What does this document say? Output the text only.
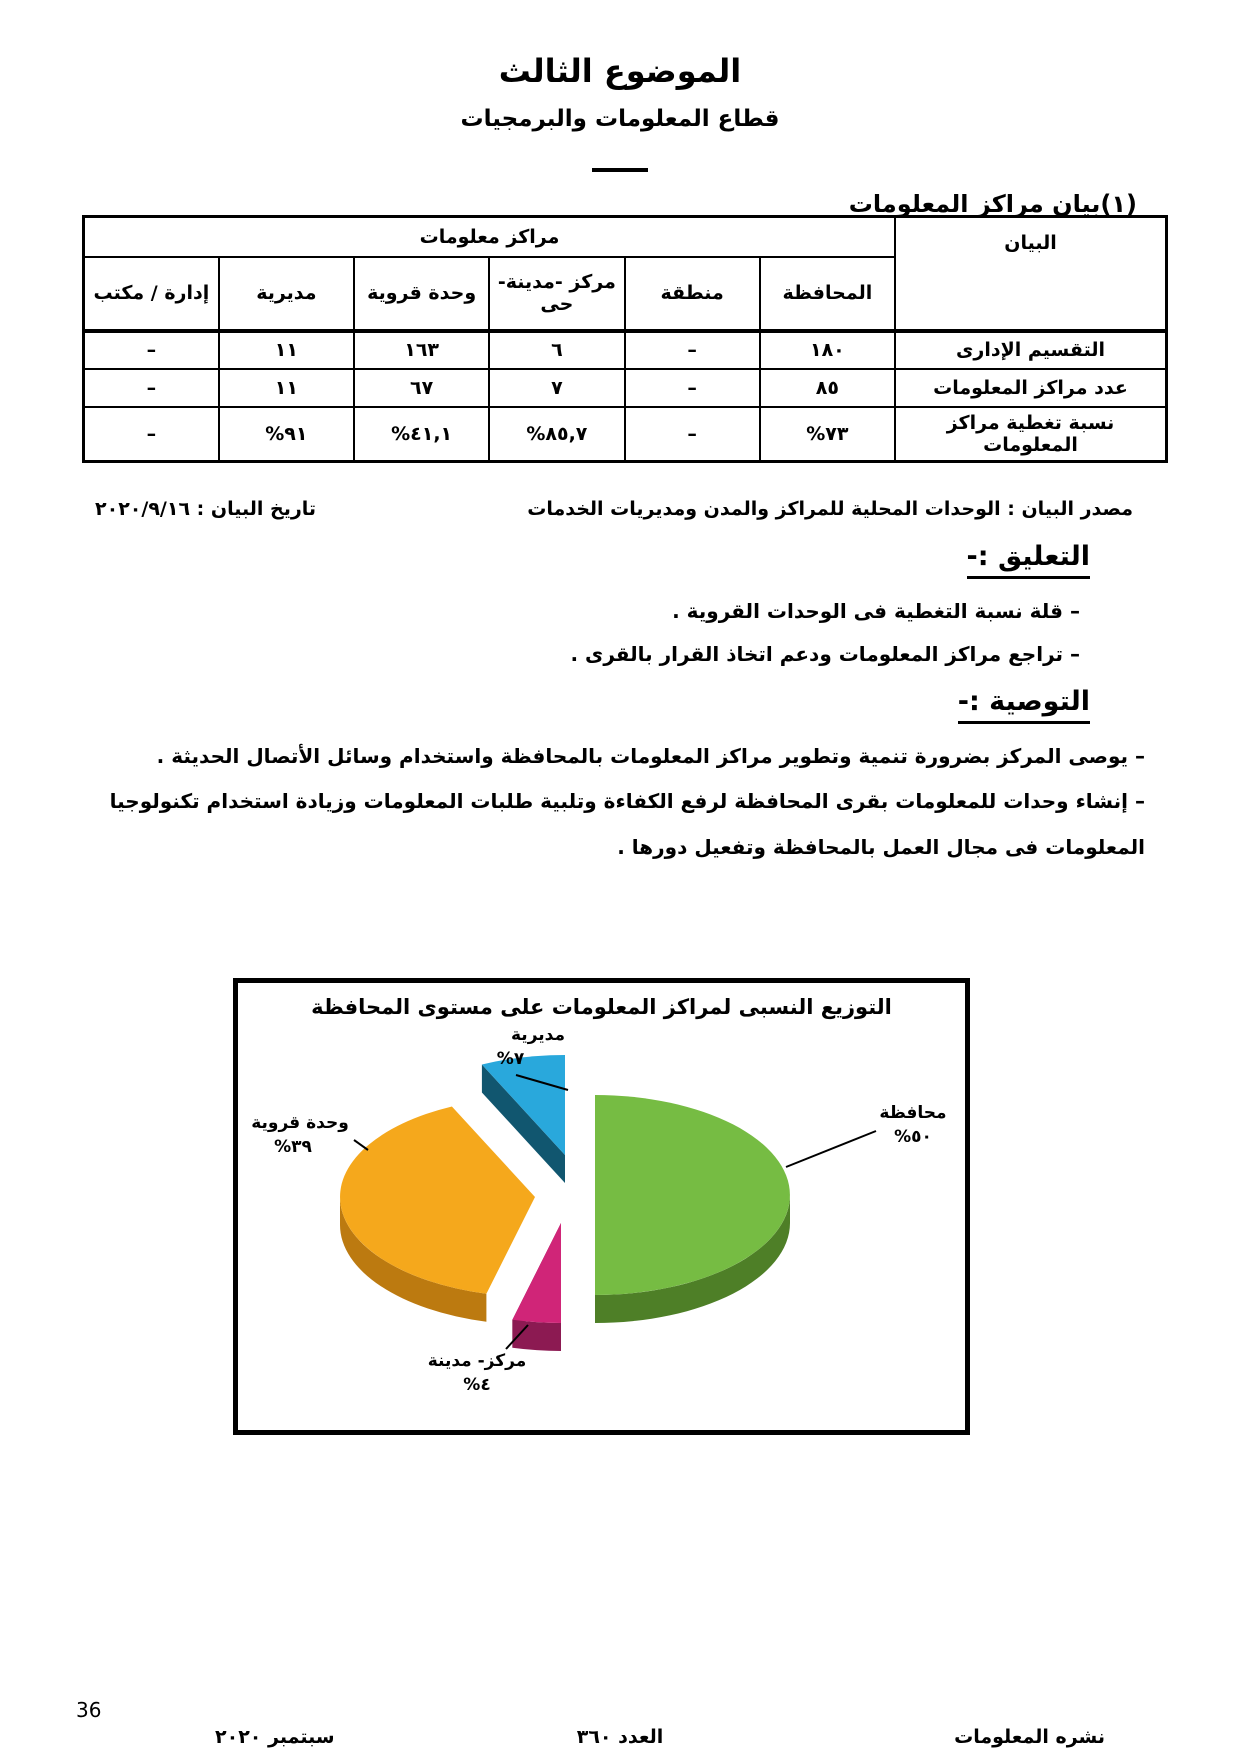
الموضوع الثالث
قطاع المعلومات والبرمجيات
(١)بيان مراكز المعلومات
البيان	مراكز معلومات					
	المحافظة	منطقة	مركز -مدينة- حى	وحدة قروية	مديرية	إدارة / مكتب
التقسيم الإدارى	١٨٠	–	٦	١٦٣	١١	–
عدد مراكز المعلومات	٨٥	–	٧	٦٧	١١	–
نسبة تغطية مراكز المعلومات	%٧٣	–	%٨٥,٧	%٤١,١	%٩١	–
مصدر البيان : الوحدات المحلية للمراكز والمدن ومديريات الخدمات
تاريخ البيان : ٢٠٢٠/٩/١٦
التعليق :-
– قلة نسبة التغطية فى الوحدات القروية .
– تراجع مراكز المعلومات ودعم اتخاذ القرار بالقرى .
التوصية :-
– يوصى المركز بضرورة تنمية وتطوير مراكز المعلومات بالمحافظة واستخدام وسائل الأتصال الحديثة .
– إنشاء وحدات للمعلومات بقرى المحافظة لرفع الكفاءة وتلبية طلبات المعلومات وزيادة استخدام تكنولوجيا المعلومات فى مجال العمل بالمحافظة وتفعيل دورها .
التوزيع النسبى لمراكز المعلومات على مستوى المحافظة
مديرية
%٧
محافظة
%٥٠
وحدة قروية
%٣٩
مركز- مدينة
%٤
36
نشره المعلومات
العدد ٣٦٠
سبتمبر ٢٠٢٠
